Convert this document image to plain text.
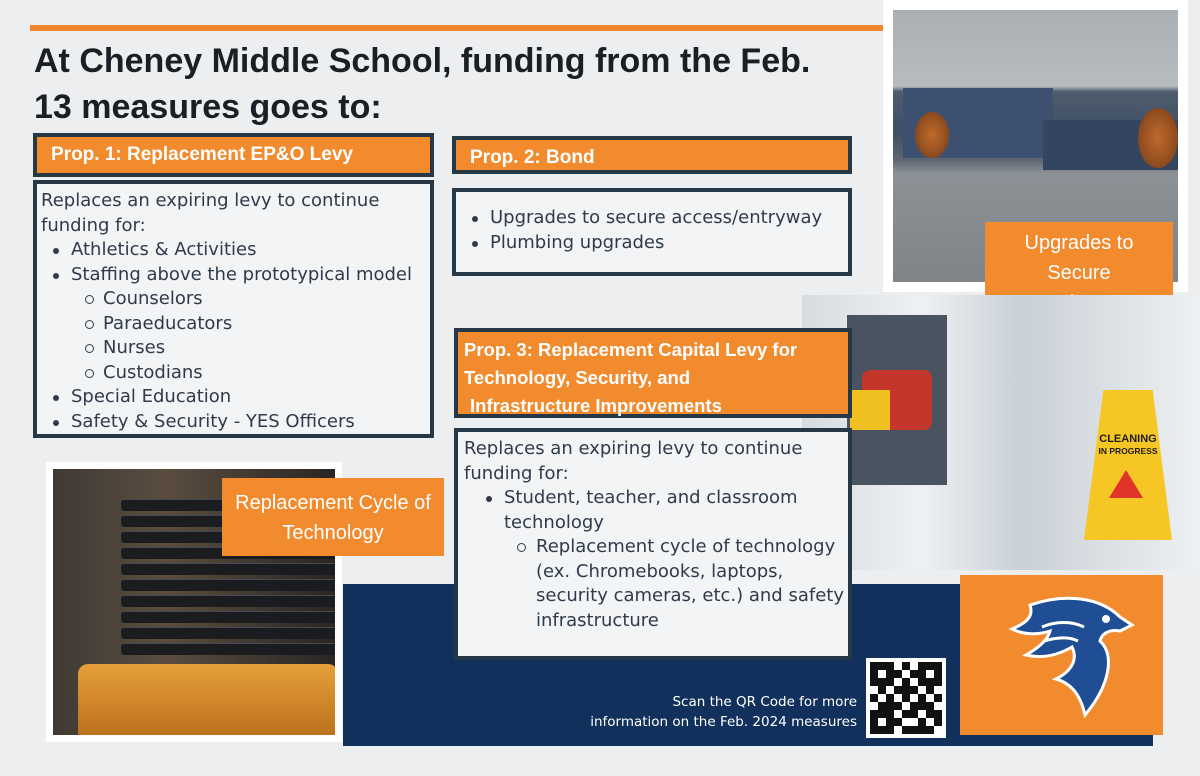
At Cheney Middle School, funding from the Feb. 13 measures goes to:
Prop. 1: Replacement EP&O Levy

Replaces an expiring levy to continue funding for:

Athletics & Activities
Staffing above the prototypical model
Counselors
Paraeducators
Nurses
Custodians
Special Education
Safety & Security - YES Officers
Prop. 2: Bond
Upgrades to secure access/entryway
Plumbing upgrades	Upgrades to
Secure
CLEANING
IN PROGRESS
Prop. 3: Replacement Capital Levy for
Technology, Security, and
Infrastructure Improvements

Replaces an expiring levy to continue funding for:

Student, teacher, and classroom technology
Replacement cycle of technology (ex. Chromebooks, laptops, security cameras, etc.) and safety infrastructure
Replacement Cycle of Technology
Scan the QR Code for more
information on the Feb. 2024 measures
